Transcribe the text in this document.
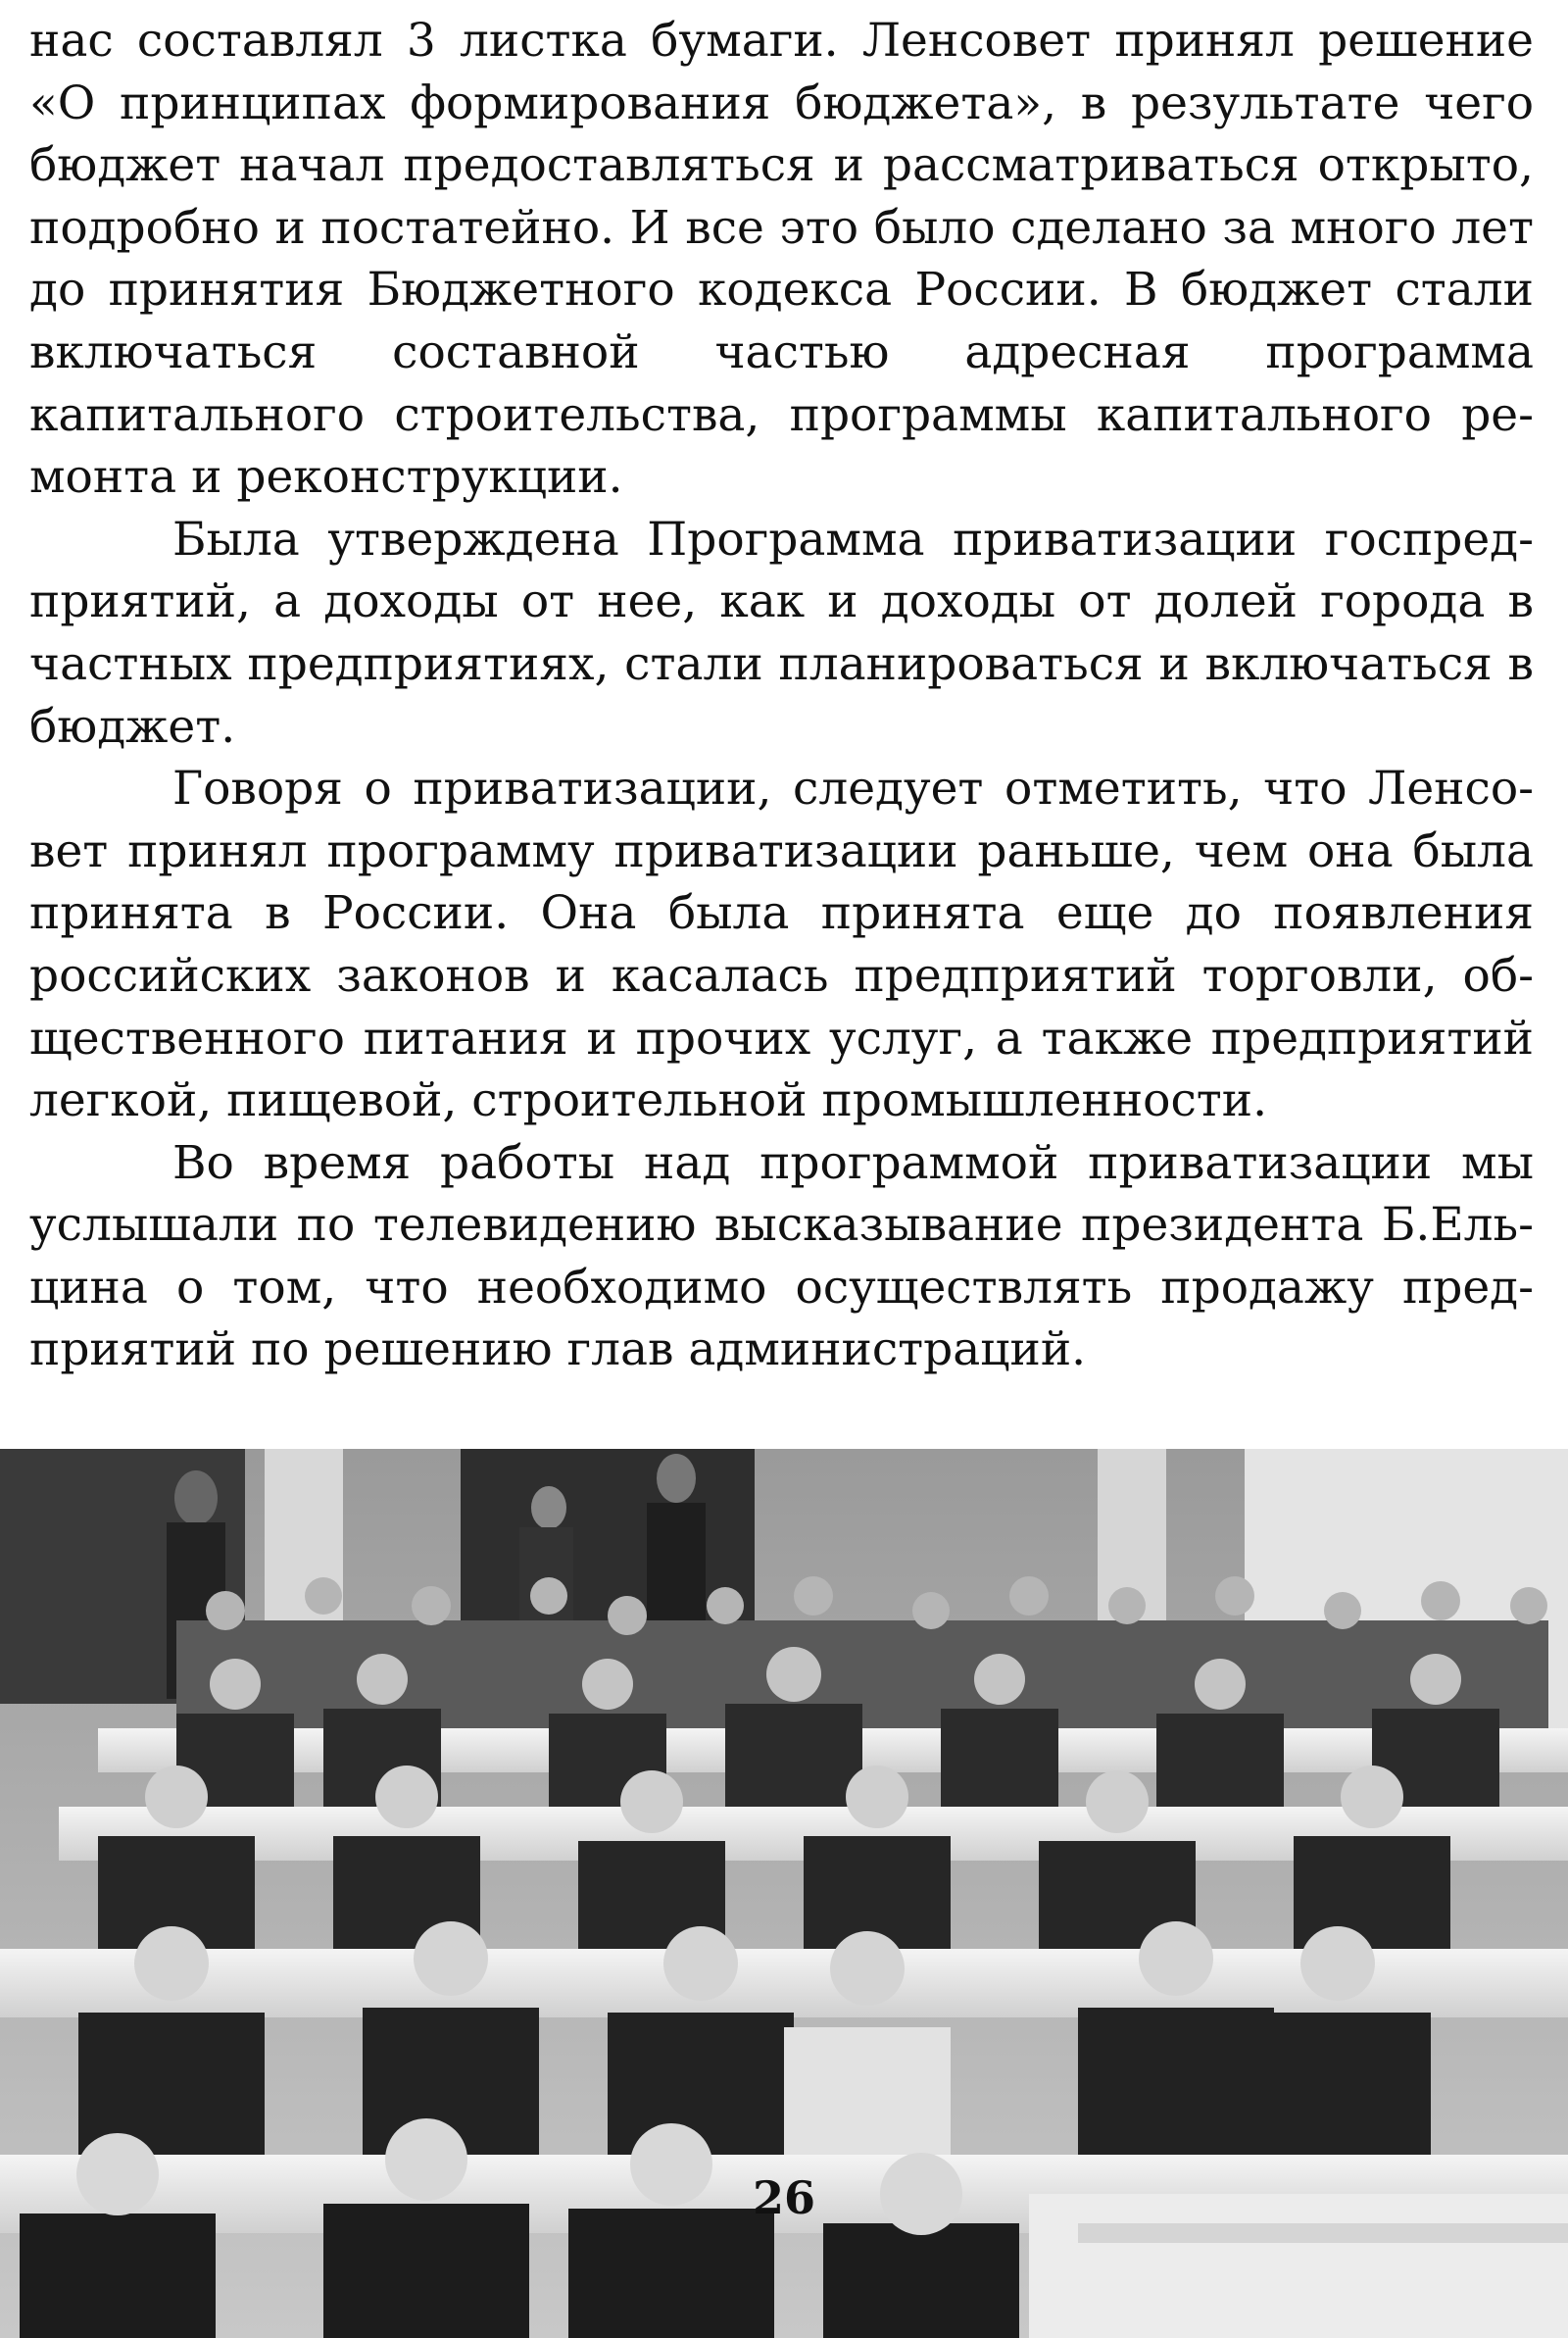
нас составлял 3 листка бумаги. Ленсовет принял решение «О принципах формирования бюджета», в результате чего бюджет начал предоставляться и рассматриваться открыто, подробно и постатейно. И все это было сделано за много лет до принятия Бюджетного кодекса России. В бюджет стали включаться составной частью адресная программа капитального строительства, программы капитального ре-монта и реконструкции.

Была утверждена Программа приватизации госпред-приятий, а доходы от нее, как и доходы от долей города в частных предприятиях, стали планироваться и включаться в бюджет.

Говоря о приватизации, следует отметить, что Ленсо-вет принял программу приватизации раньше, чем она была принята в России. Она была принята еще до появления российских законов и касалась предприятий торговли, об-щественного питания и прочих услуг, а также предприятий легкой, пищевой, строительной промышленности.

Во время работы над программой приватизации мы услышали по телевидению высказывание президента Б.Ель-цина о том, что необходимо осуществлять продажу пред-приятий по решению глав администраций.

26
